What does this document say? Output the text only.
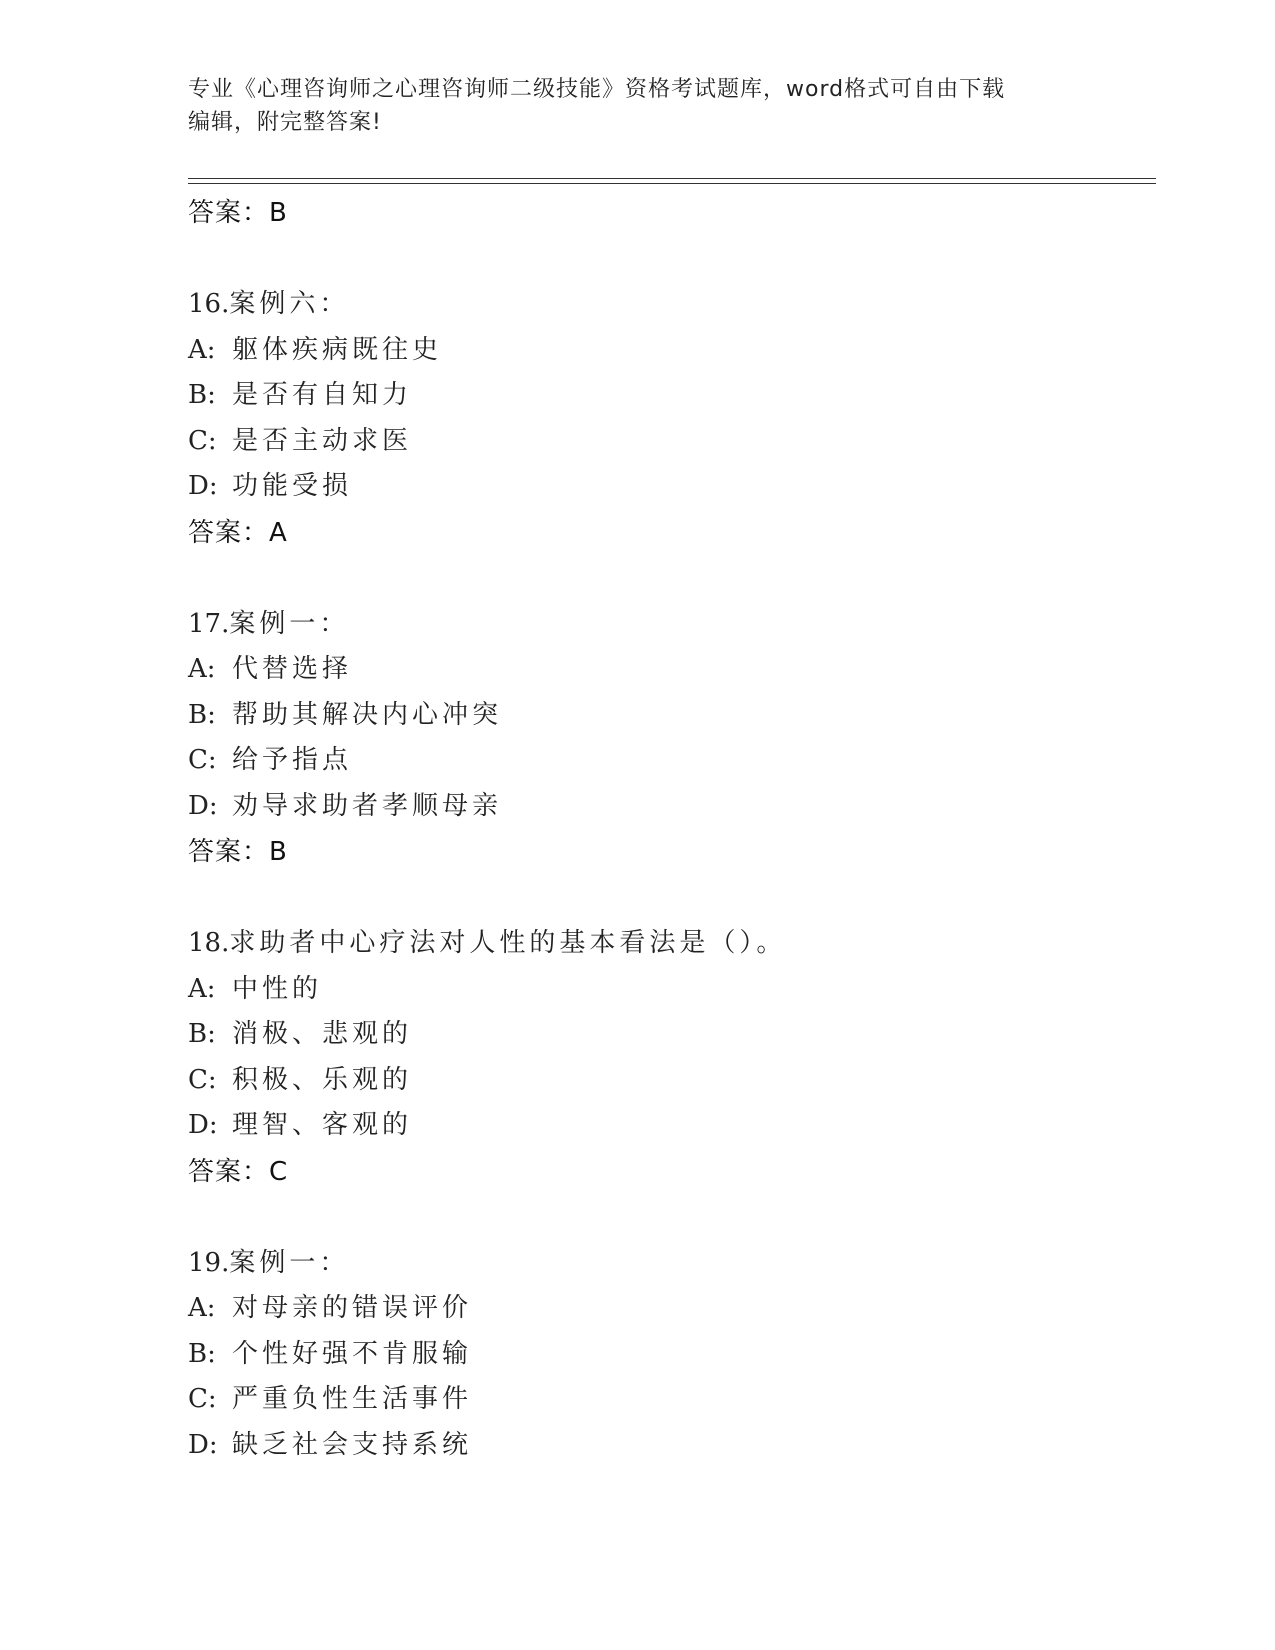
专业《心理咨询师之心理咨询师二级技能》资格考试题库，word格式可自由下载
编辑，附完整答案!
答案：B
16.案例六：
A: 躯体疾病既往史
B: 是否有自知力
C: 是否主动求医
D: 功能受损
答案：A
17.案例一：
A: 代替选择
B: 帮助其解决内心冲突
C: 给予指点
D: 劝导求助者孝顺母亲
答案：B
18.求助者中心疗法对人性的基本看法是（）。
A: 中性的
B: 消极、悲观的
C: 积极、乐观的
D: 理智、客观的
答案：C
19.案例一：
A: 对母亲的错误评价
B: 个性好强不肯服输
C: 严重负性生活事件
D: 缺乏社会支持系统
